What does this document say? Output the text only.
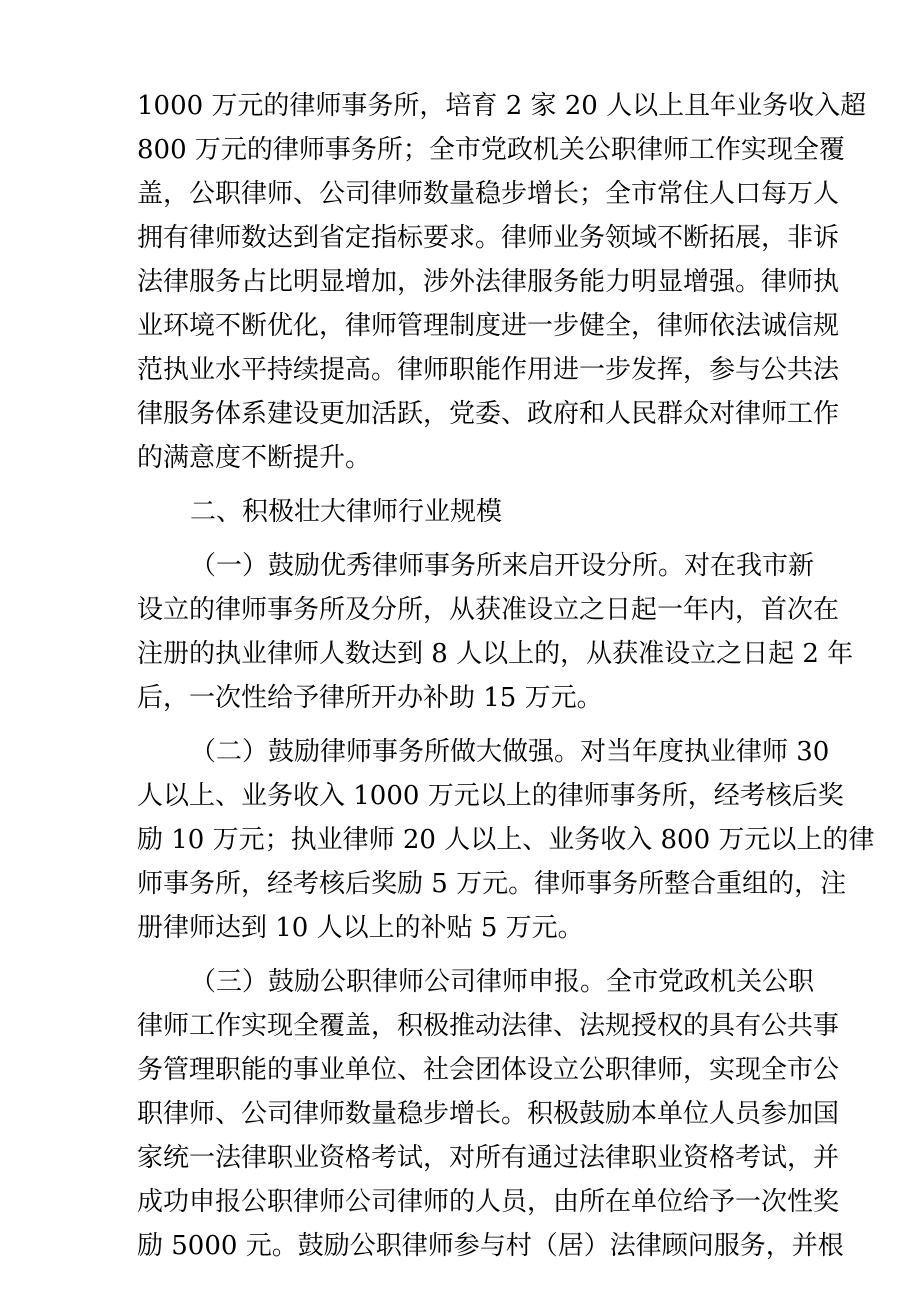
1000 万元的律师事务所，培育 2 家 20 人以上且年业务收入超
800 万元的律师事务所；全市党政机关公职律师工作实现全覆
盖，公职律师、公司律师数量稳步增长；全市常住人口每万人
拥有律师数达到省定指标要求。律师业务领域不断拓展，非诉
法律服务占比明显增加，涉外法律服务能力明显增强。律师执
业环境不断优化，律师管理制度进一步健全，律师依法诚信规
范执业水平持续提高。律师职能作用进一步发挥，参与公共法
律服务体系建设更加活跃，党委、政府和人民群众对律师工作
的满意度不断提升。
二、积极壮大律师行业规模
（一）鼓励优秀律师事务所来启开设分所。对在我市新
设立的律师事务所及分所，从获准设立之日起一年内，首次在
注册的执业律师人数达到 8 人以上的，从获准设立之日起 2 年
后，一次性给予律所开办补助 15 万元。
（二）鼓励律师事务所做大做强。对当年度执业律师 30
人以上、业务收入 1000 万元以上的律师事务所，经考核后奖
励 10 万元；执业律师 20 人以上、业务收入 800 万元以上的律
师事务所，经考核后奖励 5 万元。律师事务所整合重组的，注
册律师达到 10 人以上的补贴 5 万元。
（三）鼓励公职律师公司律师申报。全市党政机关公职
律师工作实现全覆盖，积极推动法律、法规授权的具有公共事
务管理职能的事业单位、社会团体设立公职律师，实现全市公
职律师、公司律师数量稳步增长。积极鼓励本单位人员参加国
家统一法律职业资格考试，对所有通过法律职业资格考试，并
成功申报公职律师公司律师的人员，由所在单位给予一次性奖
励 5000 元。鼓励公职律师参与村（居）法律顾问服务，并根
